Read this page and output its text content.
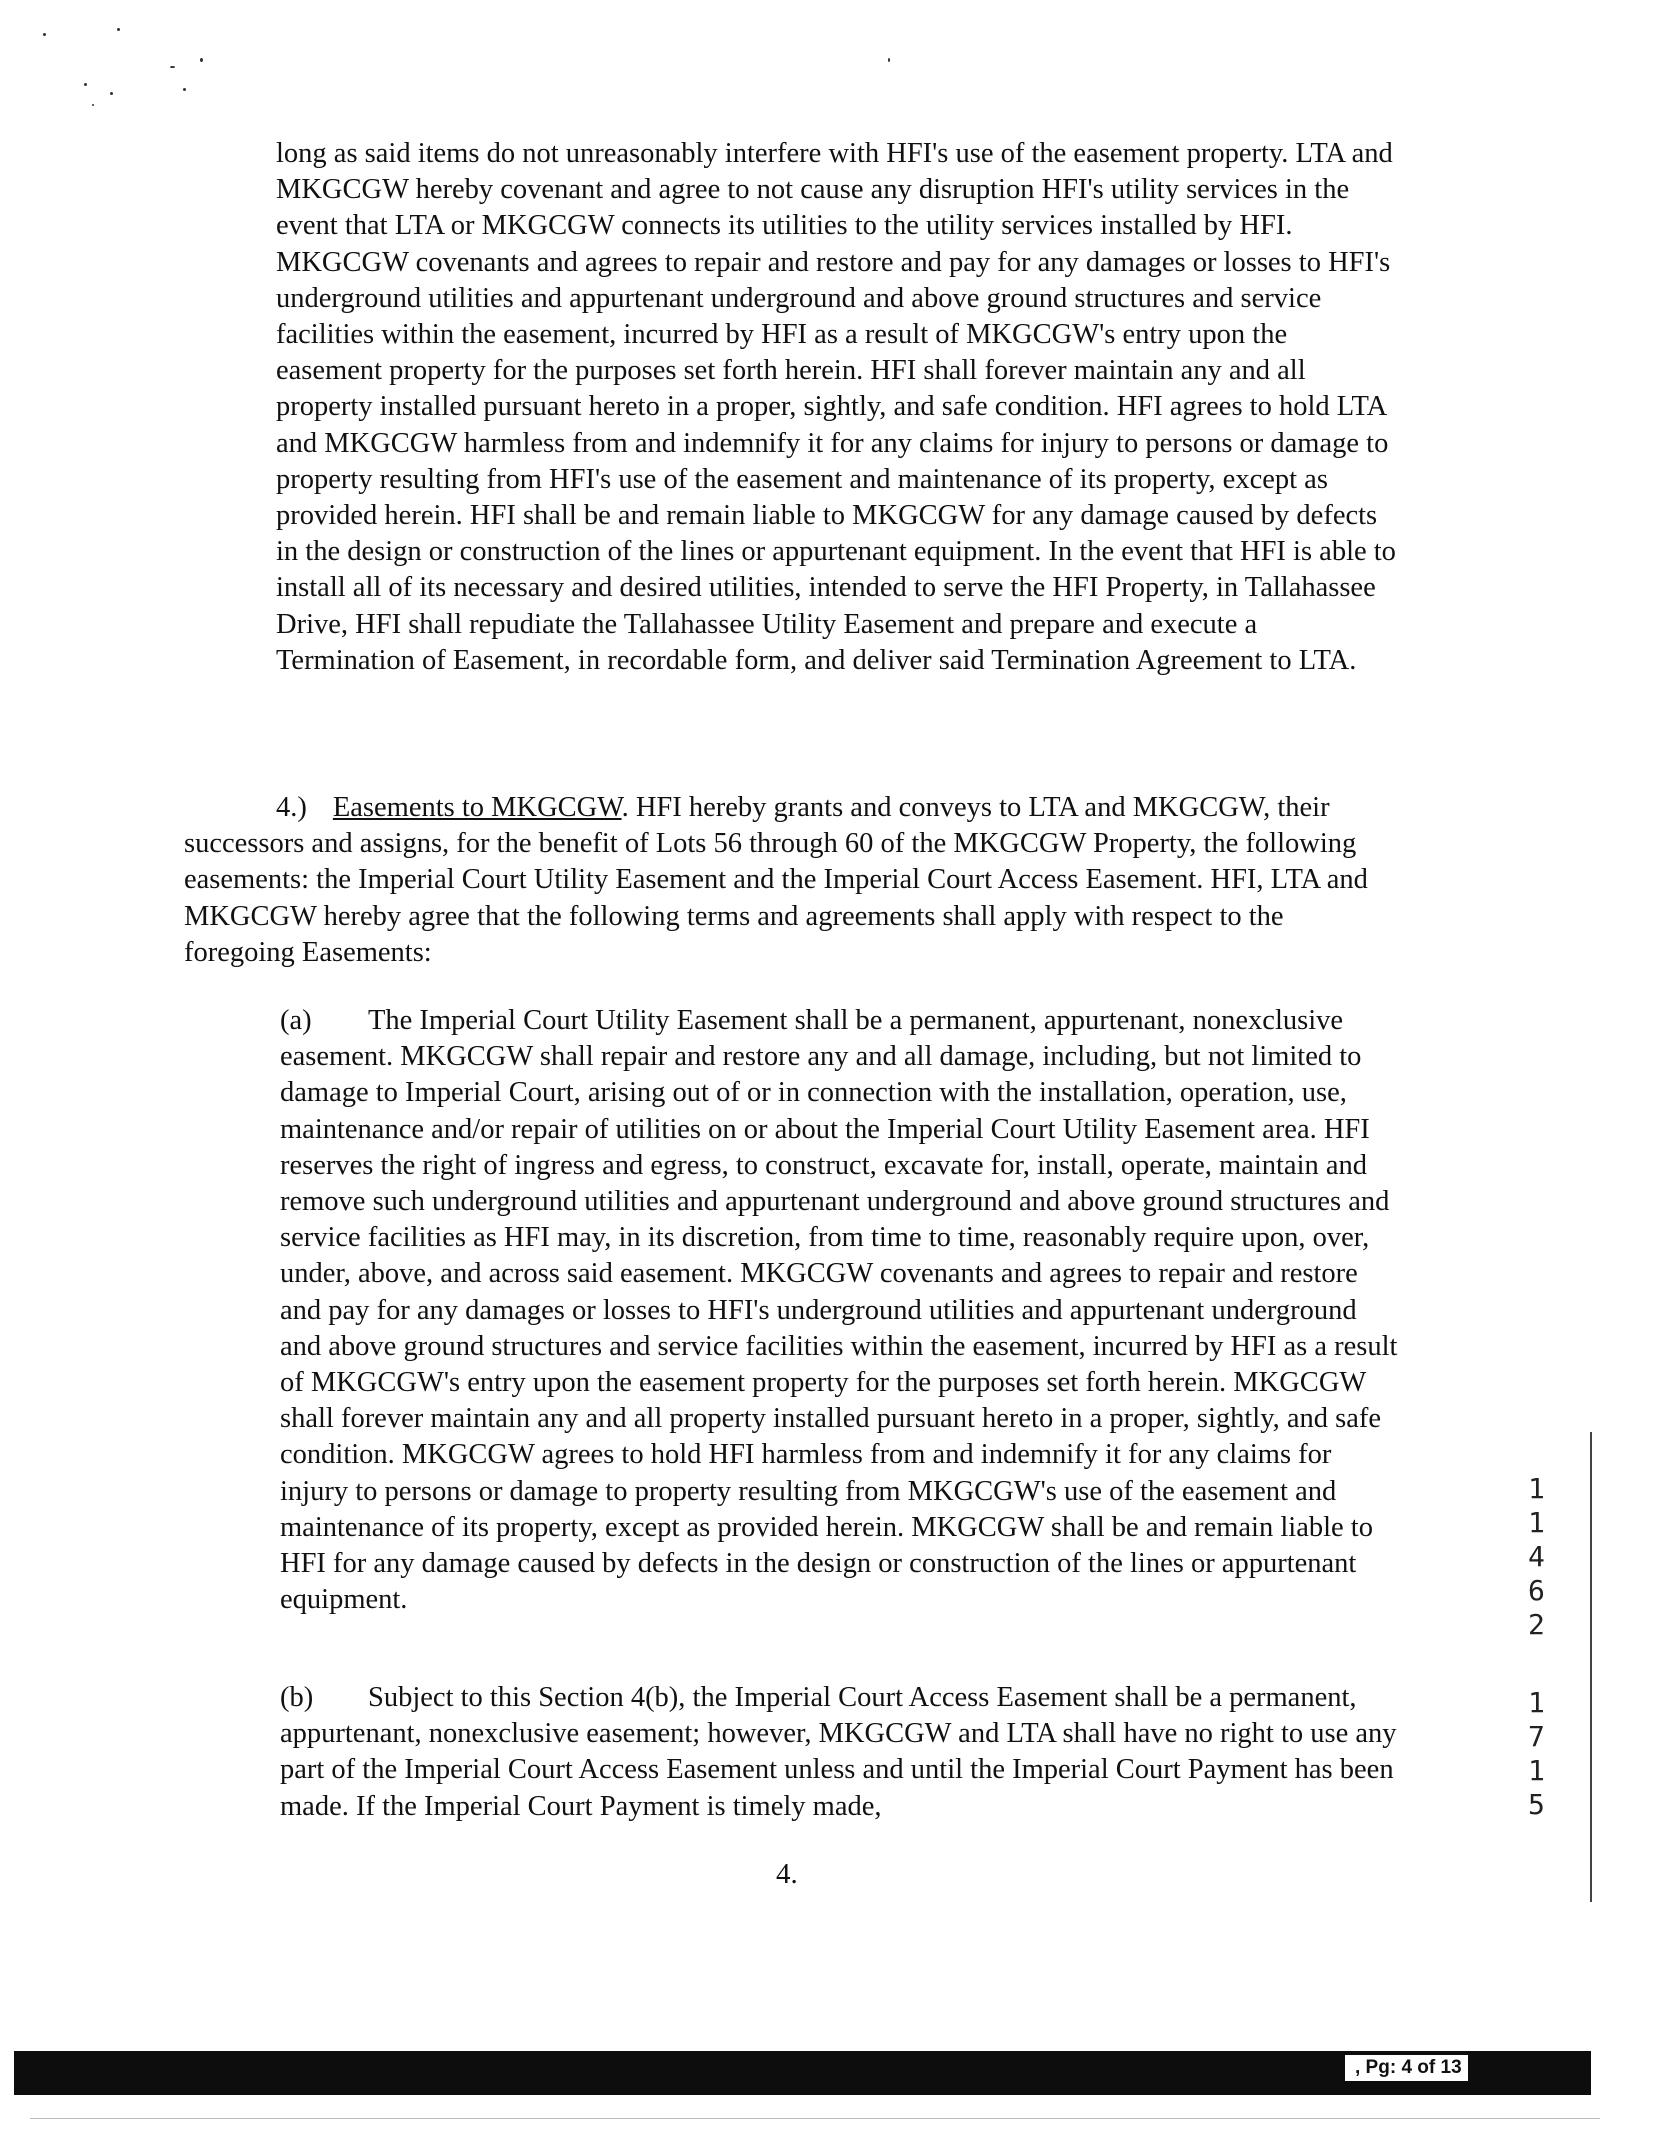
long as said items do not unreasonably interfere with HFI's use of the easement property. LTA and MKGCGW hereby covenant and agree to not cause any disruption HFI's utility services in the event that LTA or MKGCGW connects its utilities to the utility services installed by HFI. MKGCGW covenants and agrees to repair and restore and pay for any damages or losses to HFI's underground utilities and appurtenant underground and above ground structures and service facilities within the easement, incurred by HFI as a result of MKGCGW's entry upon the easement property for the purposes set forth herein. HFI shall forever maintain any and all property installed pursuant hereto in a proper, sightly, and safe condition. HFI agrees to hold LTA and MKGCGW harmless from and indemnify it for any claims for injury to persons or damage to property resulting from HFI's use of the easement and maintenance of its property, except as provided herein. HFI shall be and remain liable to MKGCGW for any damage caused by defects in the design or construction of the lines or appurtenant equipment. In the event that HFI is able to install all of its necessary and desired utilities, intended to serve the HFI Property, in Tallahassee Drive, HFI shall repudiate the Tallahassee Utility Easement and prepare and execute a Termination of Easement, in recordable form, and deliver said Termination Agreement to LTA.

4.) Easements to MKGCGW. HFI hereby grants and conveys to LTA and MKGCGW, their successors and assigns, for the benefit of Lots 56 through 60 of the MKGCGW Property, the following easements: the Imperial Court Utility Easement and the Imperial Court Access Easement. HFI, LTA and MKGCGW hereby agree that the following terms and agreements shall apply with respect to the foregoing Easements:

(a) The Imperial Court Utility Easement shall be a permanent, appurtenant, nonexclusive easement. MKGCGW shall repair and restore any and all damage, including, but not limited to damage to Imperial Court, arising out of or in connection with the installation, operation, use, maintenance and/or repair of utilities on or about the Imperial Court Utility Easement area. HFI reserves the right of ingress and egress, to construct, excavate for, install, operate, maintain and remove such underground utilities and appurtenant underground and above ground structures and service facilities as HFI may, in its discretion, from time to time, reasonably require upon, over, under, above, and across said easement. MKGCGW covenants and agrees to repair and restore and pay for any damages or losses to HFI's underground utilities and appurtenant underground and above ground structures and service facilities within the easement, incurred by HFI as a result of MKGCGW's entry upon the easement property for the purposes set forth herein. MKGCGW shall forever maintain any and all property installed pursuant hereto in a proper, sightly, and safe condition. MKGCGW agrees to hold HFI harmless from and indemnify it for any claims for injury to persons or damage to property resulting from MKGCGW's use of the easement and maintenance of its property, except as provided herein. MKGCGW shall be and remain liable to HFI for any damage caused by defects in the design or construction of the lines or appurtenant equipment.

(b) Subject to this Section 4(b), the Imperial Court Access Easement shall be a permanent, appurtenant, nonexclusive easement; however, MKGCGW and LTA shall have no right to use any part of the Imperial Court Access Easement unless and until the Imperial Court Payment has been made. If the Imperial Court Payment is timely made,

4.
1
1
4
6
2
1
7
1
5
, Pg: 4 of 13
